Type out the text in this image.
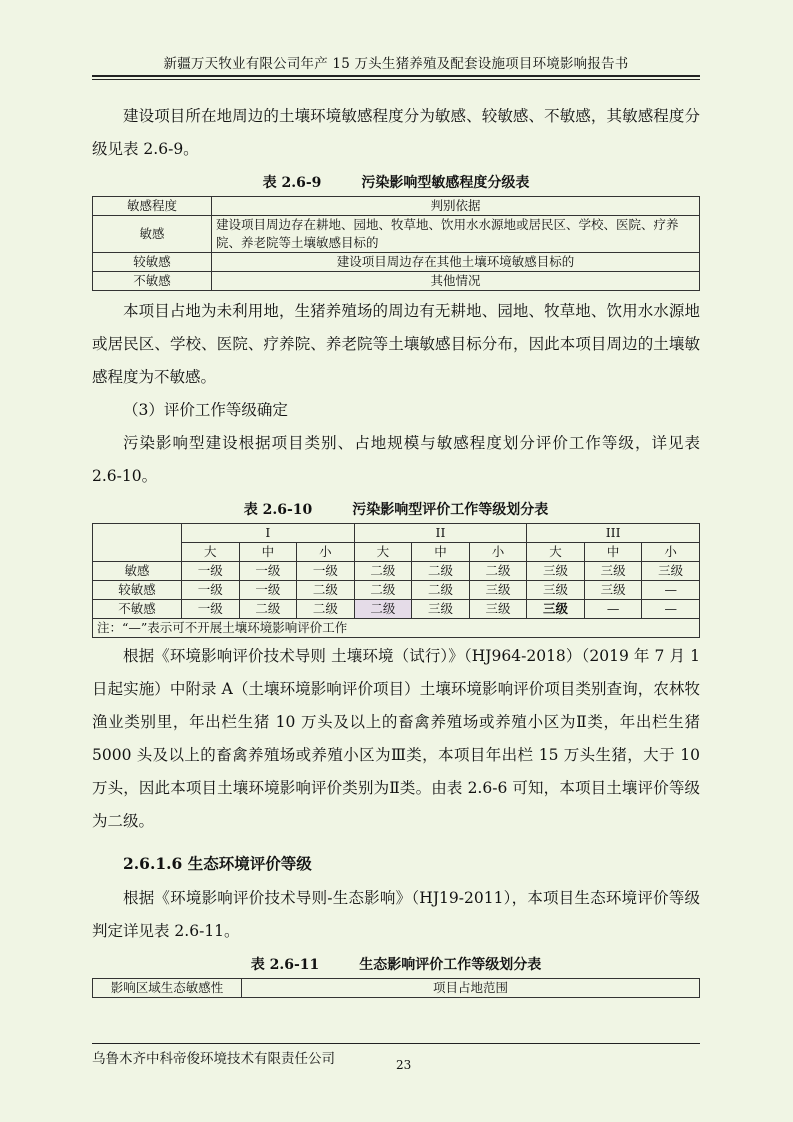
新疆万天牧业有限公司年产 15 万头生猪养殖及配套设施项目环境影响报告书

建设项目所在地周边的土壤环境敏感程度分为敏感、较敏感、不敏感，其敏感程度分级见表 2.6-9。

表 2.6-9	污染影响型敏感程度分级表
敏感程度	判别依据
敏感	建设项目周边存在耕地、园地、牧草地、饮用水水源地或居民区、学校、医院、疗养院、养老院等土壤敏感目标的
较敏感	建设项目周边存在其他土壤环境敏感目标的
不敏感	其他情况

本项目占地为未利用地，生猪养殖场的周边有无耕地、园地、牧草地、饮用水水源地或居民区、学校、医院、疗养院、养老院等土壤敏感目标分布，因此本项目周边的土壤敏感程度为不敏感。

（3）评价工作等级确定

污染影响型建设根据项目类别、占地规模与敏感程度划分评价工作等级，详见表 2.6-10。

表 2.6-10	污染影响型评价工作等级划分表
	I			II			III		
	大	中	小	大	中	小	大	中	小
敏感	一级	一级	一级	二级	二级	二级	三级	三级	三级
较敏感	一级	一级	二级	二级	二级	三级	三级	三级	—
不敏感	一级	二级	二级	二级	三级	三级	三级	—	—
注：“—”表示可不开展土壤环境影响评价工作									

根据《环境影响评价技术导则 土壤环境（试行）》（HJ964-2018）（2019 年 7 月 1 日起实施）中附录 A（土壤环境影响评价项目）土壤环境影响评价项目类别查询，农林牧渔业类别里，年出栏生猪 10 万头及以上的畜禽养殖场或养殖小区为Ⅱ类，年出栏生猪 5000 头及以上的畜禽养殖场或养殖小区为Ⅲ类，本项目年出栏 15 万头生猪，大于 10 万头，因此本项目土壤环境影响评价类别为Ⅱ类。由表 2.6-6 可知，本项目土壤评价等级为二级。

2.6.1.6 生态环境评价等级

根据《环境影响评价技术导则-生态影响》（HJ19-2011），本项目生态环境评价等级判定详见表 2.6-11。

表 2.6-11	生态影响评价工作等级划分表
影响区域生态敏感性	项目占地范围
乌鲁木齐中科帝俊环境技术有限责任公司	23
